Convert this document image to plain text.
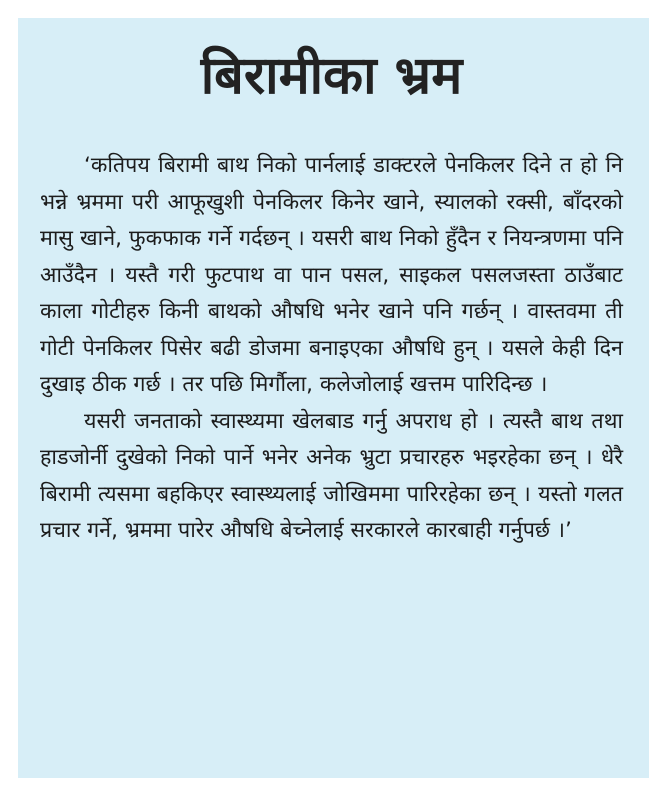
बिरामीका भ्रम

‘कतिपय बिरामी बाथ निको पार्नलाई डाक्टरले पेनकिलर दिने त हो नि भन्ने भ्रममा परी आफूखुशी पेनकिलर किनेर खाने, स्यालको रक्सी, बाँदरको मासु खाने, फुकफाक गर्ने गर्दछन् । यसरी बाथ निको हुँदैन र नियन्त्रणमा पनि आउँदैन । यस्तै गरी फुटपाथ वा पान पसल, साइकल पसलजस्ता ठाउँबाट काला गोटीहरु किनी बाथको औषधि भनेर खाने पनि गर्छन् । वास्तवमा ती गोटी पेनकिलर पिसेर बढी डोजमा बनाइएका औषधि हुन् । यसले केही दिन दुखाइ ठीक गर्छ । तर पछि मिर्गौला, कलेजोलाई खत्तम पारिदिन्छ ।

यसरी जनताको स्वास्थ्यमा खेलबाड गर्नु अपराध हो । त्यस्तै बाथ तथा हाडजोर्नी दुखेको निको पार्ने भनेर अनेक भ्रुटा प्रचारहरु भइरहेका छन् । धेरै बिरामी त्यसमा बहकिएर स्वास्थ्यलाई जोखिममा पारिरहेका छन् । यस्तो गलत प्रचार गर्ने, भ्रममा पारेर औषधि बेच्नेलाई सरकारले कारबाही गर्नुपर्छ ।’
